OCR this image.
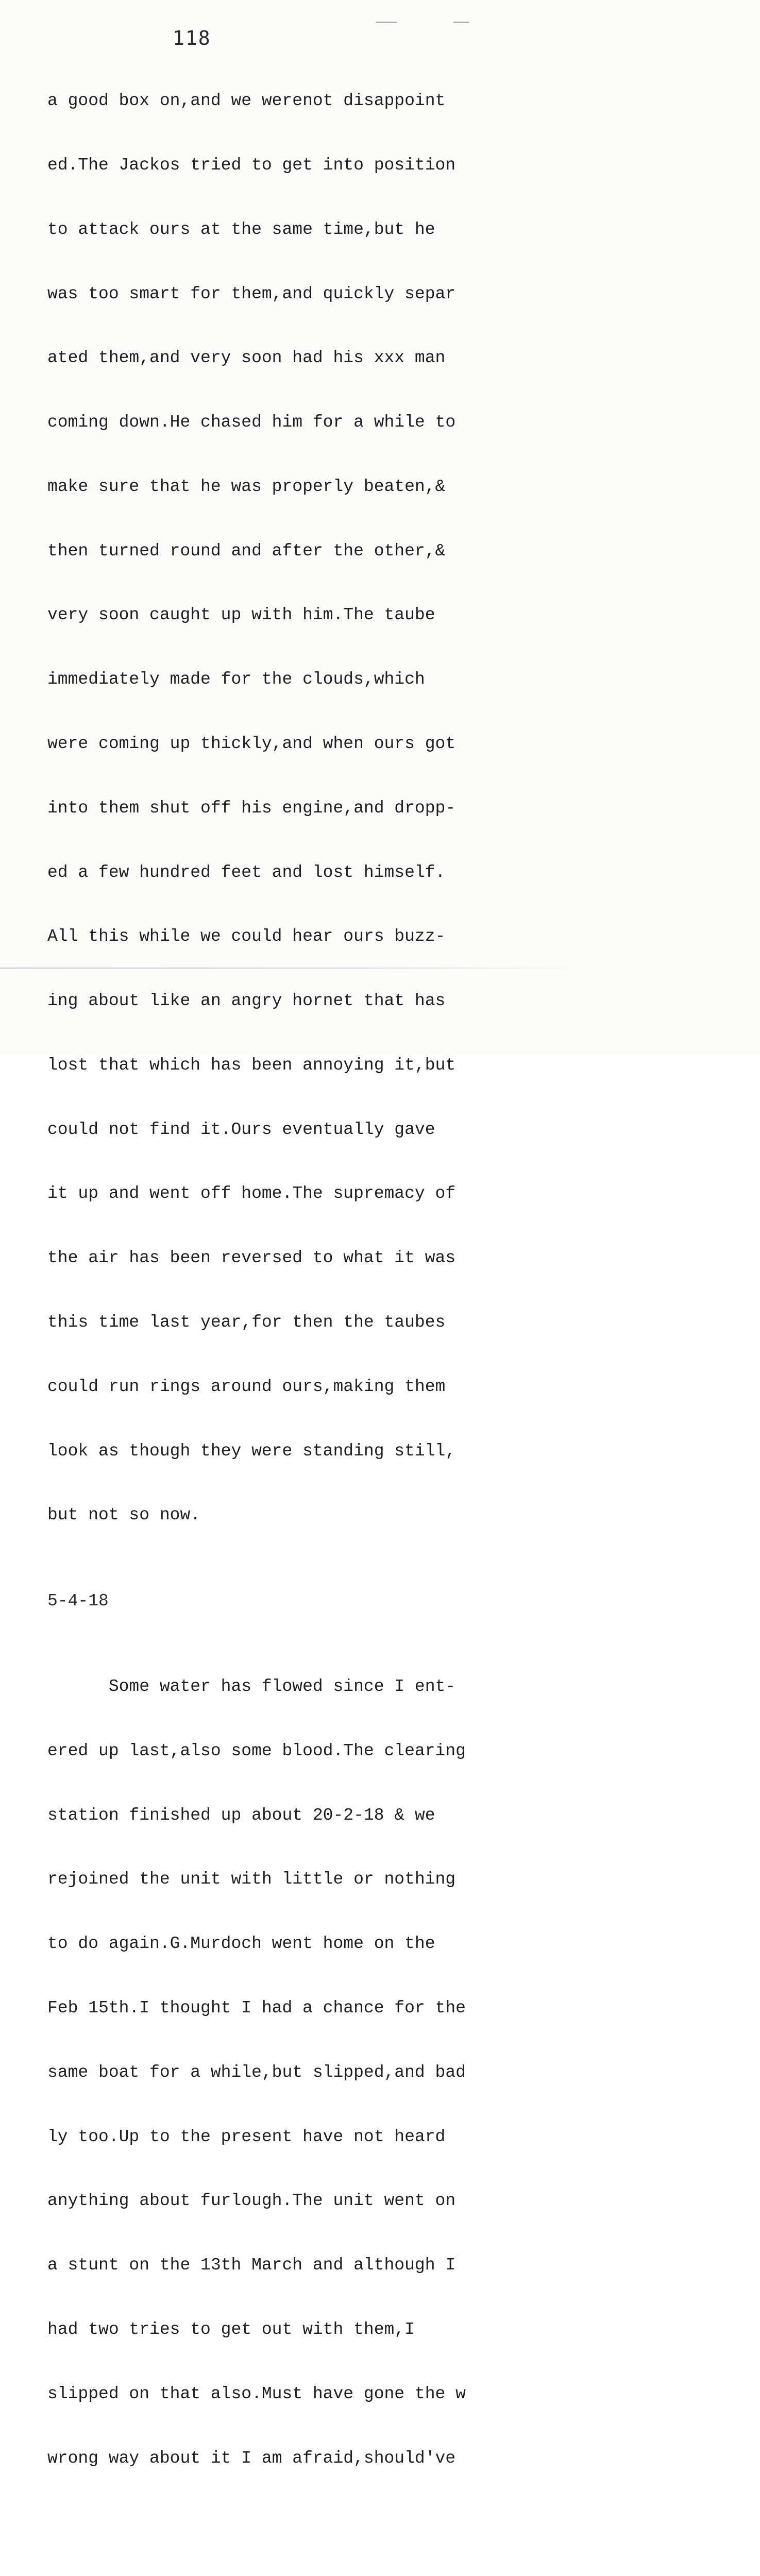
118

a good box on,and we werenot disappoint

ed.The Jackos tried to get into position

to attack ours at the same time,but he

was too smart for them,and quickly separ

ated them,and very soon had his xxx man

coming down.He chased him for a while to

make sure that he was properly beaten,&

then turned round and after the other,&

very soon caught up with him.The taube

immediately made for the clouds,which

were coming up thickly,and when ours got

into them shut off his engine,and dropp-

ed a few hundred feet and lost himself.

All this while we could hear ours buzz-

ing about like an angry hornet that has

lost that which has been annoying it,but

could not find it.Ours eventually gave

it up and went off home.The supremacy of

the air has been reversed to what it was

this time last year,for then the taubes

could run rings around ours,making them

look as though they were standing still,

but not so now.

5-4-18

Some water has flowed since I ent-

ered up last,also some blood.The clearing

station finished up about 20-2-18 & we

rejoined the unit with little or nothing

to do again.G.Murdoch went home on the

Feb 15th.I thought I had a chance for the

same boat for a while,but slipped,and bad

ly too.Up to the present have not heard

anything about furlough.The unit went on

a stunt on the 13th March and although I

had two tries to get out with them,I

slipped on that also.Must have gone the w

wrong way about it I am afraid,should've
